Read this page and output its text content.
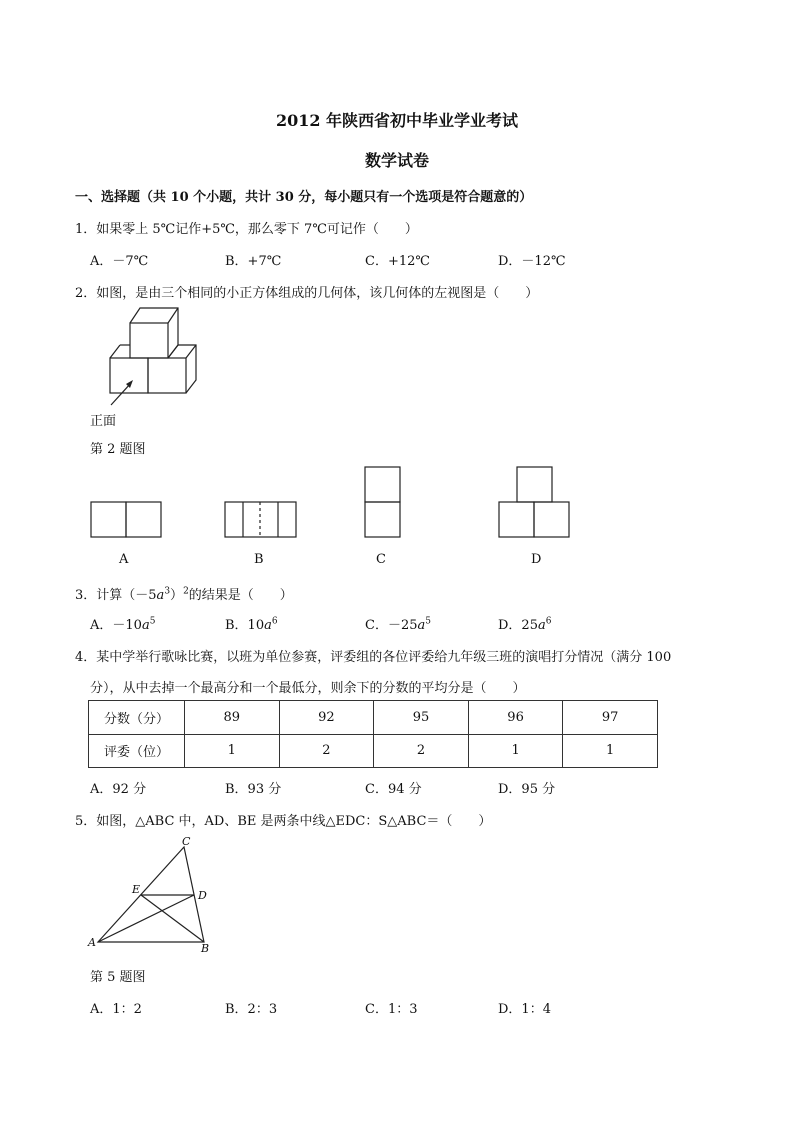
2012 年陕西省初中毕业学业考试
数学试卷
一、选择题（共 10 个小题，共计 30 分，每小题只有一个选项是符合题意的）
1．如果零上 5℃记作+5℃，那么零下 7℃可记作（　　）
A．－7℃	B．+7℃	C．+12℃	D．－12℃
2．如图，是由三个相同的小正方体组成的几何体，该几何体的左视图是（　　）
正面
第 2 题图
A	B	C	D
3．计算$(-5a^3)^2$的结果是（　　）
A．$-10a^5$	B．$10a^6$	C．$-25a^5$	D．$25a^6$
4．某中学举行歌咏比赛，以班为单位参赛，评委组的各位评委给九年级三班的演唱打分情况（满分 100
分），从中去掉一个最高分和一个最低分，则余下的分数的平均分是（　　）
分数（分）	89	92	95	96	97
评委（位）	1	2	2	1	1
A．92 分	B．93 分	C．94 分	D．95 分
5．如图，△ABC 中，AD、BE 是两条中线△EDC：S△ABC＝（　　）
C
E	D
A	B
第 5 题图
A．1：2	B．2：3	C．1：3	D．1：4
